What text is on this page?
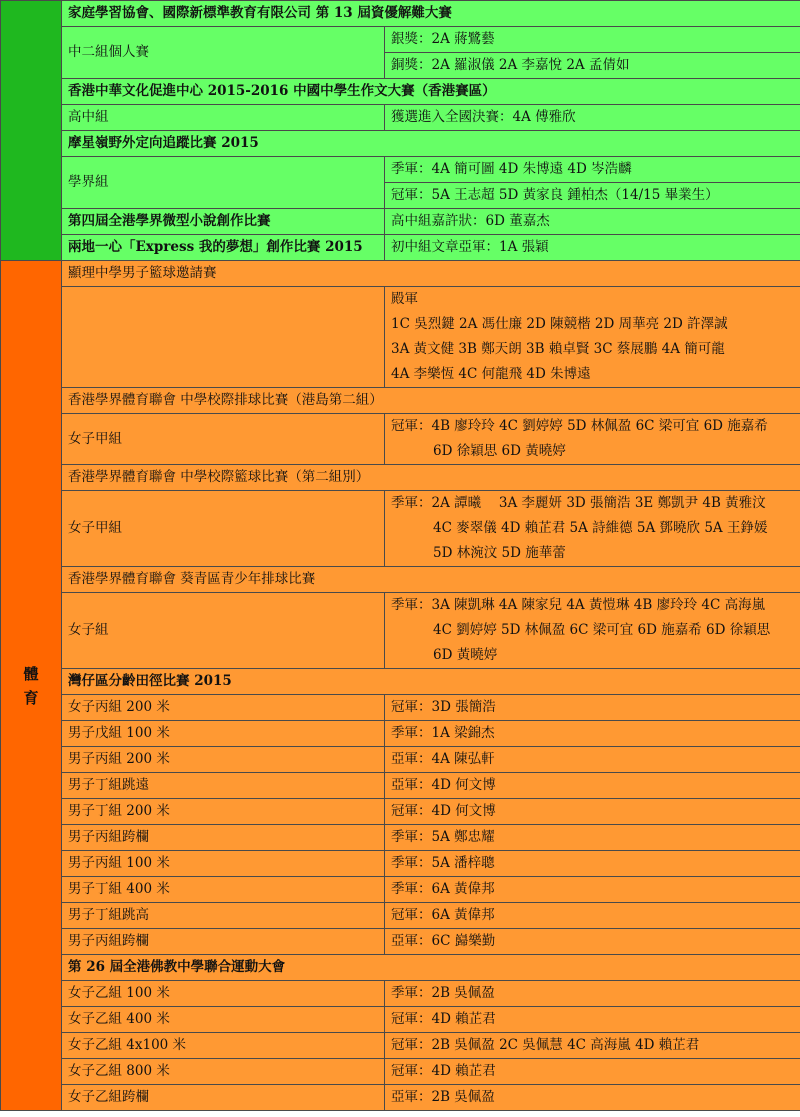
	家庭學習協會、國際新標準教育有限公司 第 13 屆資優解難大賽	
	中二組個人賽	銀獎：2A 蔣鷺藝
		銅獎：2A 羅淑儀 2A 李嘉悅 2A 孟倩如
	香港中華文化促進中心 2015-2016 中國中學生作文大賽（香港賽區）	
	高中組	獲選進入全國決賽：4A 傅雅欣
	摩星嶺野外定向追蹤比賽 2015	
	學界組	季軍：4A 簡可圖 4D 朱博遠 4D 岑浩麟
		冠軍：5A 王志超 5D 黃家良 鍾柏杰（14/15 畢業生）
	第四屆全港學界微型小說創作比賽	高中組嘉許狀：6D 董嘉杰
	兩地一心「Express 我的夢想」創作比賽 2015	初中組文章亞軍：1A 張穎
體育	顯理中學男子籃球邀請賽	

		殿軍
1C 吳烈鍵 2A 馮仕廉 2D 陳競楷 2D 周華亮 2D 許澤誠
3A 黃文健 3B 鄭天朗 3B 賴卓賢 3C 蔡展鵬 4A 簡可龍
4A 李樂恆 4C 何龍飛 4D 朱博遠

	香港學界體育聯會 中學校際排球比賽（港島第二組）	
	女子甲組	冠軍：4B 廖玲玲 4C 劉婷婷 5D 林佩盈 6C 梁可宜 6D 施嘉希
6D 徐穎思 6D 黃曉婷

	香港學界體育聯會 中學校際籃球比賽（第二組別）	
	女子甲組	季軍：2A 譚曦　 3A 李麗妍 3D 張簡浩 3E 鄭凱尹 4B 黃雅汶
4C 麥翠儀 4D 賴芷君 5A 詩維德 5A 鄧曉欣 5A 王錚媛
5D 林涴汶 5D 施華蕾

	香港學界體育聯會 葵青區青少年排球比賽	
	女子組	季軍：3A 陳凱琳 4A 陳家兒 4A 黃愷琳 4B 廖玲玲 4C 高海嵐
4C 劉婷婷 5D 林佩盈 6C 梁可宜 6D 施嘉希 6D 徐穎思
6D 黃曉婷

	灣仔區分齡田徑比賽 2015	
	女子丙組 200 米	冠軍：3D 張簡浩
	男子戊組 100 米	季軍：1A 梁錦杰
	男子丙組 200 米	亞軍：4A 陳弘軒
	男子丁組跳遠	亞軍：4D 何文博
	男子丁組 200 米	冠軍：4D 何文博
	男子丙組跨欄	季軍：5A 鄭忠耀
	男子丙組 100 米	季軍：5A 潘梓聰
	男子丁組 400 米	季軍：6A 黃偉邦
	男子丁組跳高	冠軍：6A 黃偉邦
	男子丙組跨欄	亞軍：6C 巋樂勤
	第 26 屆全港佛教中學聯合運動大會	
	女子乙組 100 米	季軍：2B 吳佩盈
	女子乙組 400 米	冠軍：4D 賴芷君
	女子乙組 4x100 米	冠軍：2B 吳佩盈 2C 吳佩慧 4C 高海嵐 4D 賴芷君
	女子乙組 800 米	冠軍：4D 賴芷君
	女子乙組跨欄	亞軍：2B 吳佩盈
